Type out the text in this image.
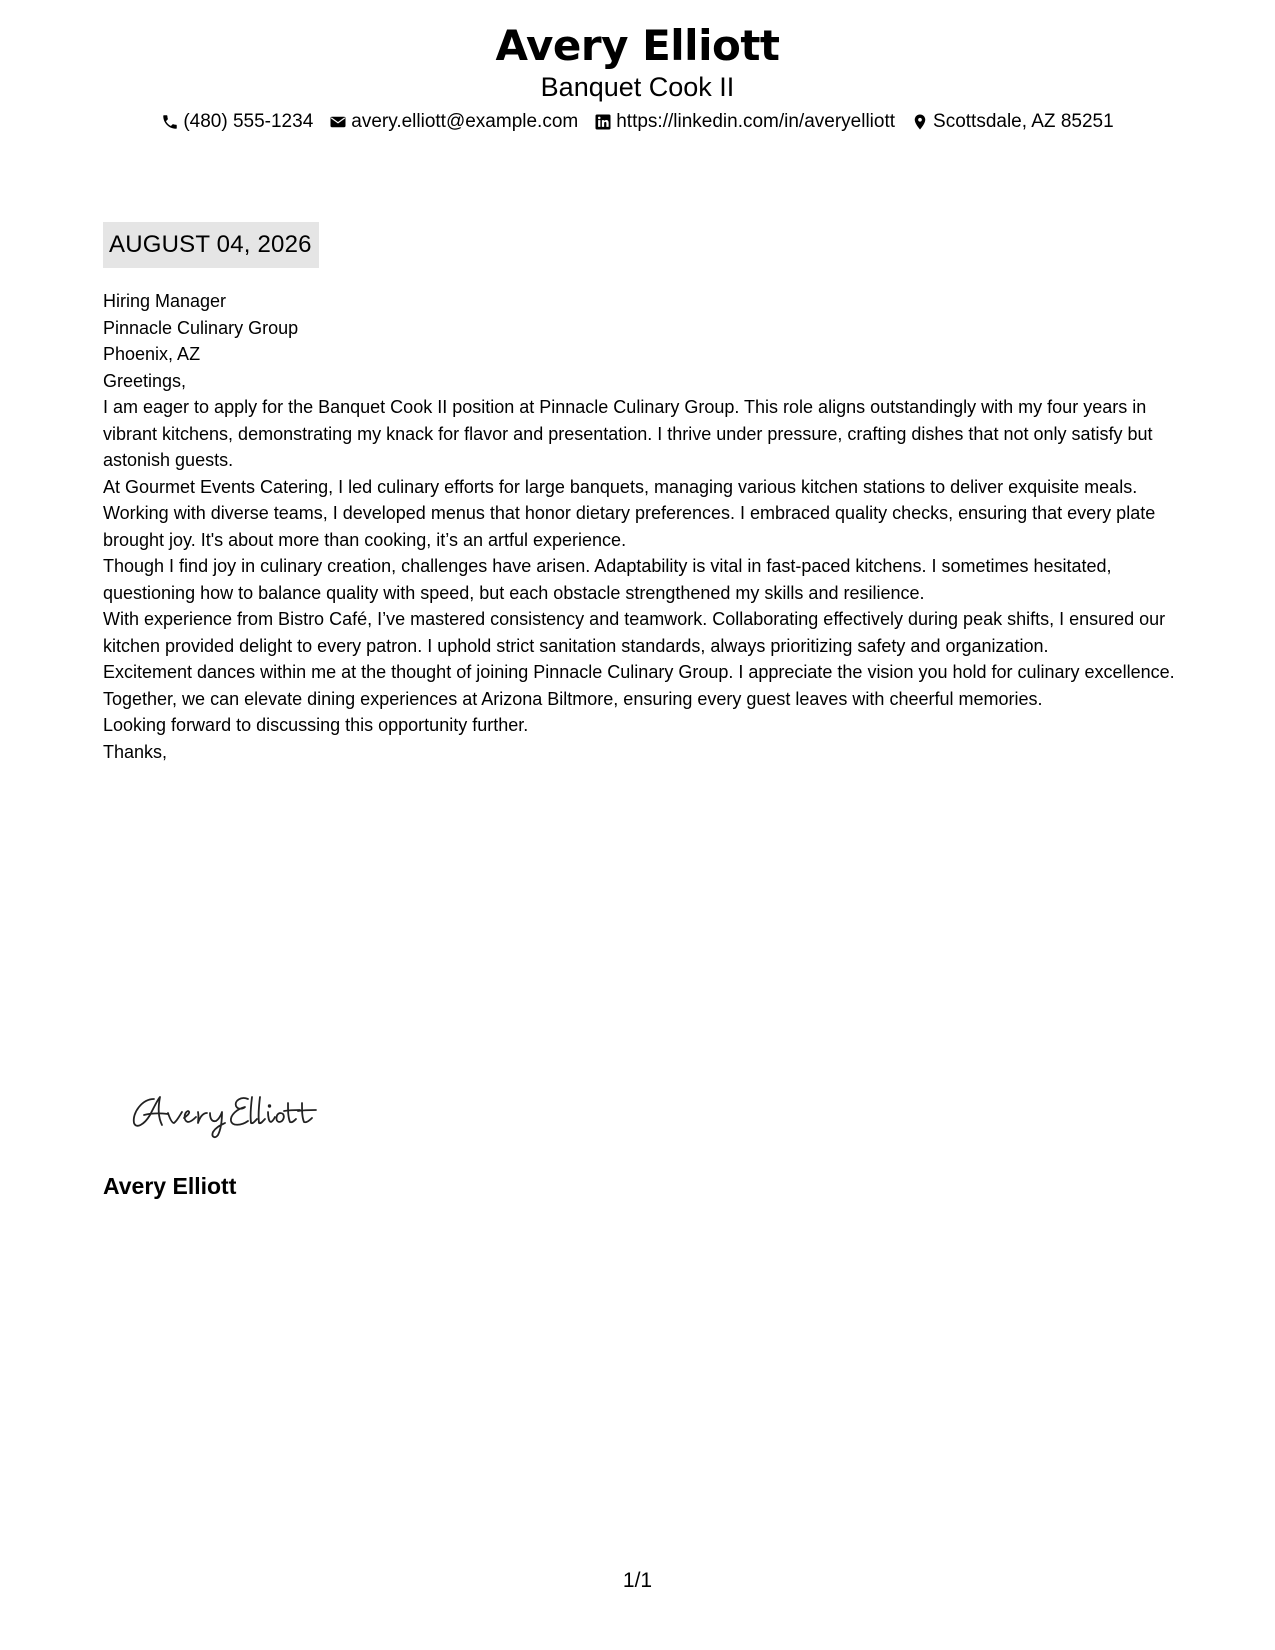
Avery Elliott
Banquet Cook II
(480) 555-1234 avery.elliott@example.com https://linkedin.com/in/averyelliott Scottsdale, AZ 85251
AUGUST 04, 2026
Hiring Manager
Pinnacle Culinary Group
Phoenix, AZ

Greetings,

I am eager to apply for the Banquet Cook II position at Pinnacle Culinary Group. This role aligns outstandingly with my four years in vibrant kitchens, demonstrating my knack for flavor and presentation. I thrive under pressure, crafting dishes that not only satisfy but astonish guests.

At Gourmet Events Catering, I led culinary efforts for large banquets, managing various kitchen stations to deliver exquisite meals. Working with diverse teams, I developed menus that honor dietary preferences. I embraced quality checks, ensuring that every plate brought joy. It's about more than cooking, it’s an artful experience.

Though I find joy in culinary creation, challenges have arisen. Adaptability is vital in fast-paced kitchens. I sometimes hesitated, questioning how to balance quality with speed, but each obstacle strengthened my skills and resilience.

With experience from Bistro Café, I’ve mastered consistency and teamwork. Collaborating effectively during peak shifts, I ensured our kitchen provided delight to every patron. I uphold strict sanitation standards, always prioritizing safety and organization.

Excitement dances within me at the thought of joining Pinnacle Culinary Group. I appreciate the vision you hold for culinary excellence. Together, we can elevate dining experiences at Arizona Biltmore, ensuring every guest leaves with cheerful memories.

Looking forward to discussing this opportunity further.

Thanks,

Avery Elliott
1/1
